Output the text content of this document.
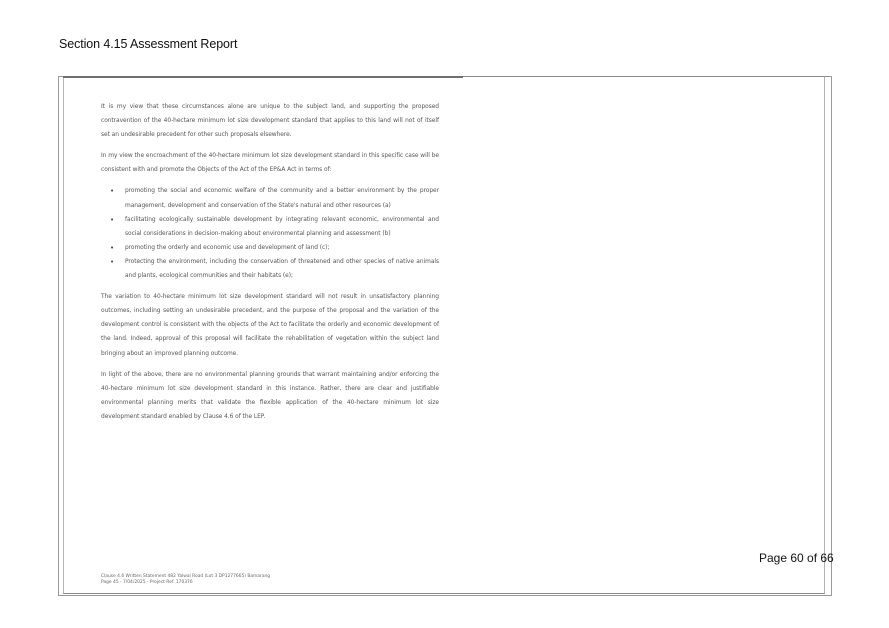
Section 4.15 Assessment Report

It is my view that these circumstances alone are unique to the subject land, and supporting the proposed contravention of the 40-hectare minimum lot size development standard that applies to this land will not of itself set an undesirable precedent for other such proposals elsewhere.

In my view the encroachment of the 40-hectare minimum lot size development standard in this specific case will be consistent with and promote the Objects of the Act of the EP&A Act in terms of:

• promoting the social and economic welfare of the community and a better environment by the proper management, development and conservation of the State's natural and other resources (a)
• facilitating ecologically sustainable development by integrating relevant economic, environmental and social considerations in decision-making about environmental planning and assessment (b)
• promoting the orderly and economic use and development of land (c);
• Protecting the environment, including the conservation of threatened and other species of native animals and plants, ecological communities and their habitats (e);

The variation to 40-hectare minimum lot size development standard will not result in unsatisfactory planning outcomes, including setting an undesirable precedent, and the purpose of the proposal and the variation of the development control is consistent with the objects of the Act to facilitate the orderly and economic development of the land. Indeed, approval of this proposal will facilitate the rehabilitation of vegetation within the subject land bringing about an improved planning outcome.

In light of the above, there are no environmental planning grounds that warrant maintaining and/or enforcing the 40-hectare minimum lot size development standard in this instance. Rather, there are clear and justifiable environmental planning merits that validate the flexible application of the 40-hectare minimum lot size development standard enabled by Clause 4.6 of the LEP.

Clause 4.6 Written Statement 482 Yalwal Road (Lot 3 DP1277665) Bamarang
Page 45 - 7/04/2025 - Project Ref. 170376
Page 60 of 66
